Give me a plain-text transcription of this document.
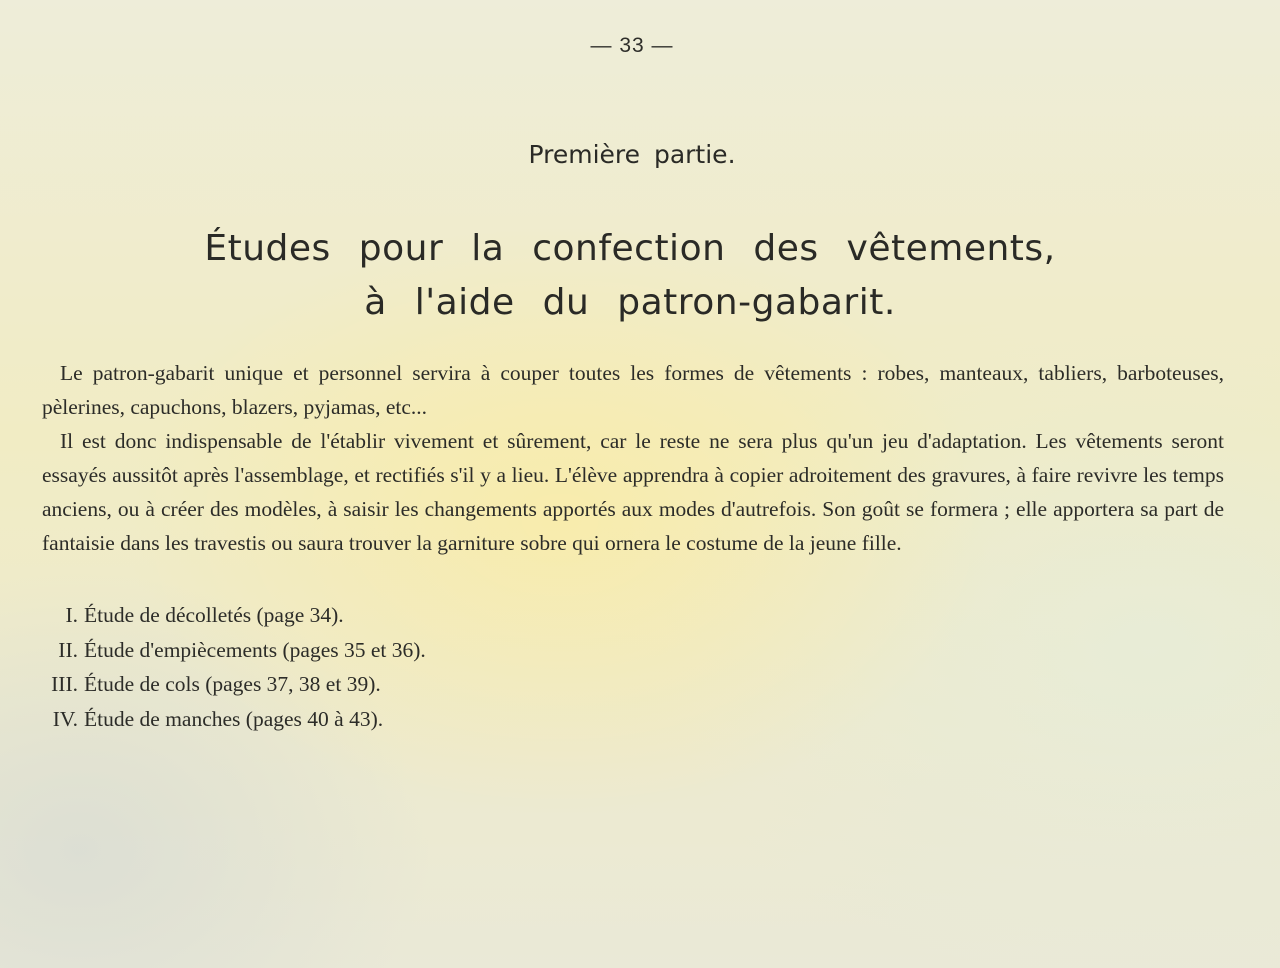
— 33 —
Première partie.
Études pour la confection des vêtements,
à l'aide du patron-gabarit.

Le patron-gabarit unique et personnel servira à couper toutes les formes de vêtements : robes, manteaux, tabliers, barboteuses, pèlerines, capuchons, blazers, pyjamas, etc...

Il est donc indispensable de l'établir vivement et sûrement, car le reste ne sera plus qu'un jeu d'adaptation. Les vêtements seront essayés aussitôt après l'assemblage, et rectifiés s'il y a lieu. L'élève apprendra à copier adroitement des gravures, à faire revivre les temps anciens, ou à créer des modèles, à saisir les changements apportés aux modes d'autrefois. Son goût se formera ; elle apportera sa part de fantaisie dans les travestis ou saura trouver la garniture sobre qui ornera le costume de la jeune fille.

I. Étude de décolletés (page 34).
II. Étude d'empiècements (pages 35 et 36).
III. Étude de cols (pages 37, 38 et 39).
IV. Étude de manches (pages 40 à 43).
